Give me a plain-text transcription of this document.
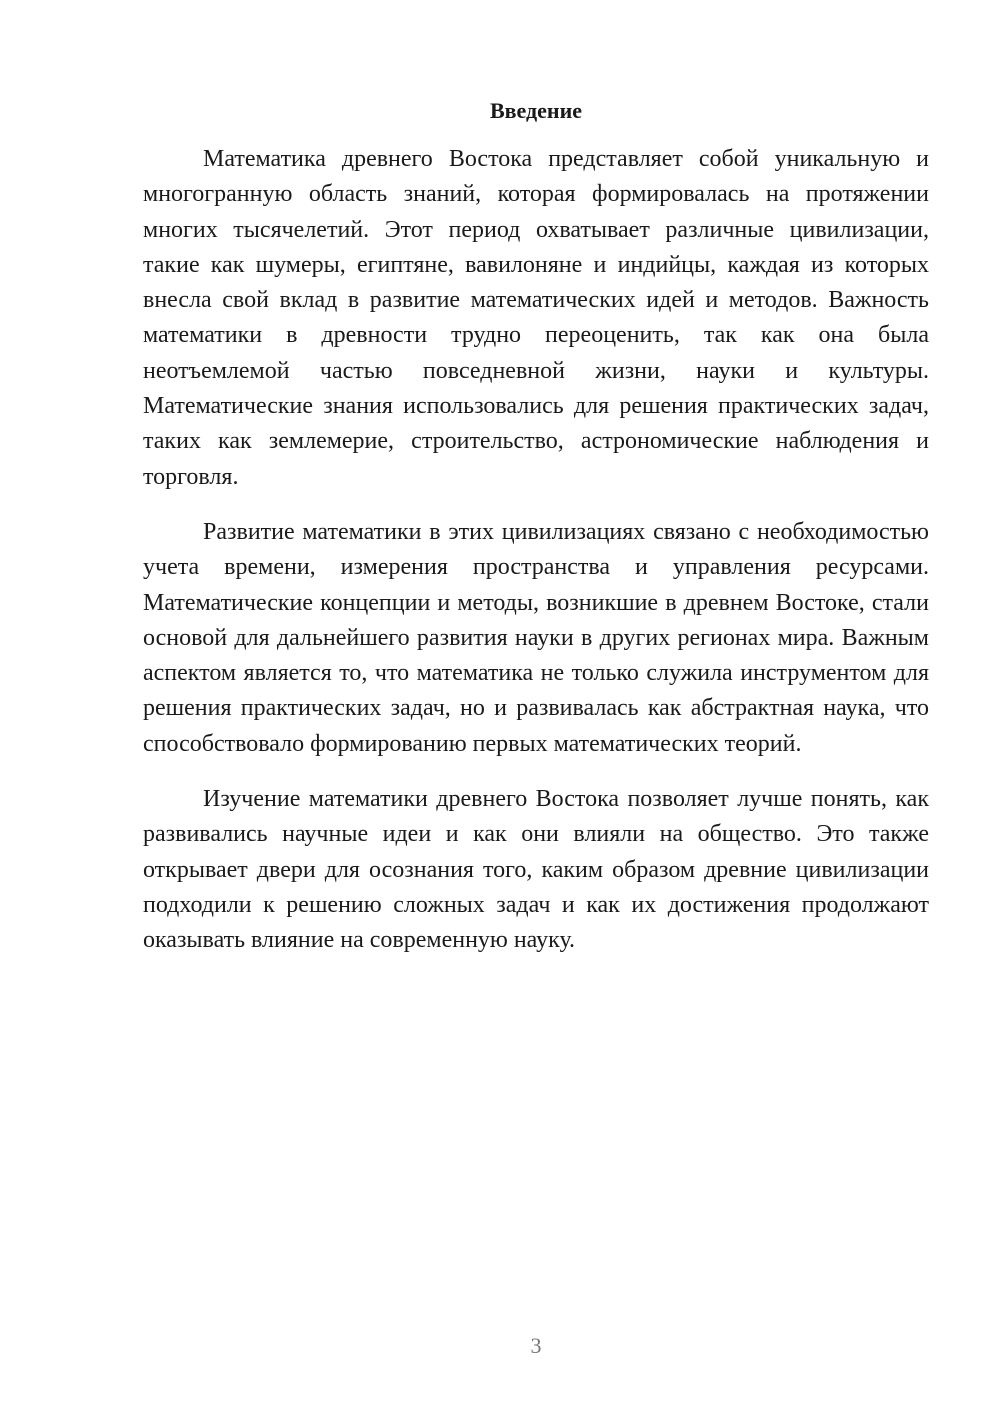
Введение

Математика древнего Востока представляет собой уникальную и многогранную область знаний, которая формировалась на протяжении многих тысячелетий. Этот период охватывает различные цивилизации, такие как шумеры, египтяне, вавилоняне и индийцы, каждая из которых внесла свой вклад в развитие математических идей и методов. Важность математики в древности трудно переоценить, так как она была неотъемлемой частью повседневной жизни, науки и культуры. Математические знания использовались для решения практических задач, таких как землемерие, строительство, астрономические наблюдения и торговля.

Развитие математики в этих цивилизациях связано с необходимостью учета времени, измерения пространства и управления ресурсами. Математические концепции и методы, возникшие в древнем Востоке, стали основой для дальнейшего развития науки в других регионах мира. Важным аспектом является то, что математика не только служила инструментом для решения практических задач, но и развивалась как абстрактная наука, что способствовало формированию первых математических теорий.

Изучение математики древнего Востока позволяет лучше понять, как развивались научные идеи и как они влияли на общество. Это также открывает двери для осознания того, каким образом древние цивилизации подходили к решению сложных задач и как их достижения продолжают оказывать влияние на современную науку.

3
